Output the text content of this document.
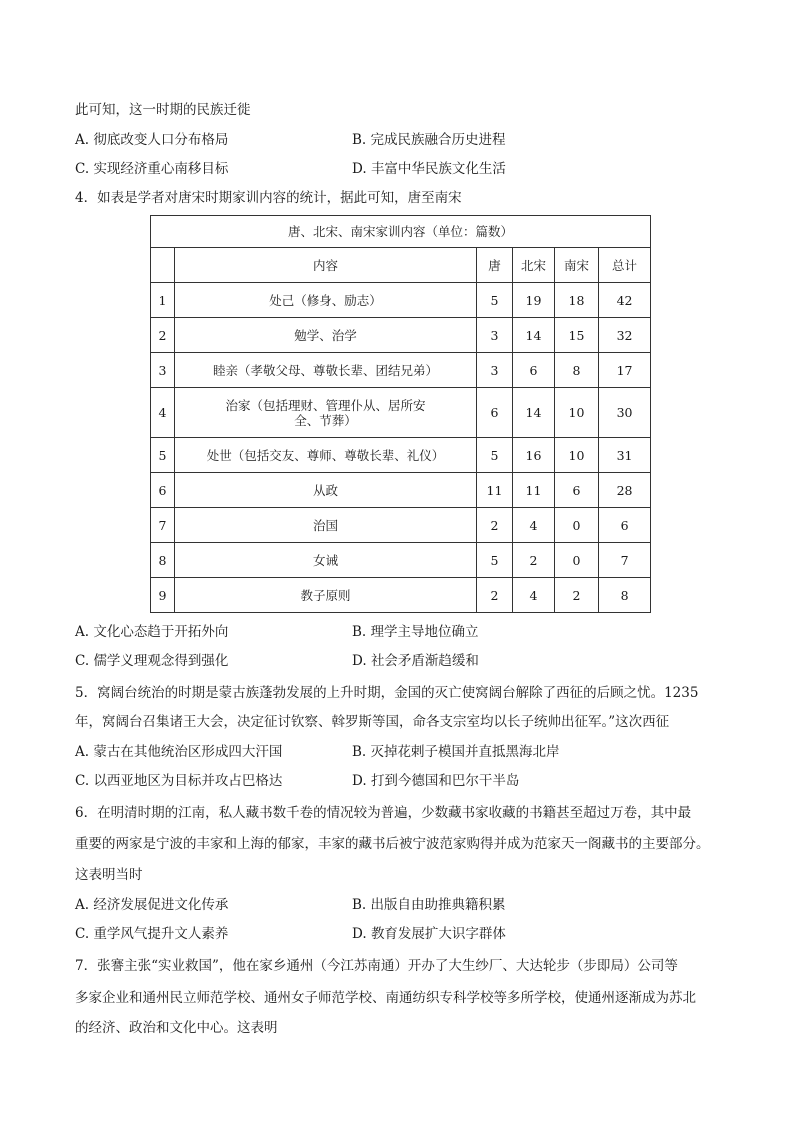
此可知，这一时期的民族迁徙
A. 彻底改变人口分布格局	B. 完成民族融合历史进程
C. 实现经济重心南移目标	D. 丰富中华民族文化生活
4．如表是学者对唐宋时期家训内容的统计，据此可知，唐至南宋
唐、北宋、南宋家训内容（单位：篇数）					
	内容	唐	北宋	南宋	总计
1	处己（修身、励志）	5	19	18	42
2	勉学、治学	3	14	15	32
3	睦亲（孝敬父母、尊敬长辈、团结兄弟）	3	6	8	17
4	治家（包括理财、管理仆从、居所安全、节葬）	6	14	10	30
5	处世（包括交友、尊师、尊敬长辈、礼仪）	5	16	10	31
6	从政	11	11	6	28
7	治国	2	4	0	6
8	女诫	5	2	0	7
9	教子原则	2	4	2	8
A. 文化心态趋于开拓外向	B. 理学主导地位确立
C. 儒学义理观念得到强化	D. 社会矛盾渐趋缓和
5．窝阔台统治的时期是蒙古族蓬勃发展的上升时期，金国的灭亡使窝阔台解除了西征的后顾之忧。1235
年，窝阔台召集诸王大会，决定征讨钦察、斡罗斯等国，命各支宗室均以长子统帅出征军。”这次西征
A. 蒙古在其他统治区形成四大汗国	B. 灭掉花剌子模国并直抵黑海北岸
C. 以西亚地区为目标并攻占巴格达	D. 打到今德国和巴尔干半岛
6．在明清时期的江南，私人藏书数千卷的情况较为普遍，少数藏书家收藏的书籍甚至超过万卷，其中最
重要的两家是宁波的丰家和上海的郁家，丰家的藏书后被宁波范家购得并成为范家天一阁藏书的主要部分。
这表明当时
A. 经济发展促进文化传承	B. 出版自由助推典籍积累
C. 重学风气提升文人素养	D. 教育发展扩大识字群体
7．张謇主张“实业救国”，他在家乡通州（今江苏南通）开办了大生纱厂、大达轮步（步即局）公司等
多家企业和通州民立师范学校、通州女子师范学校、南通纺织专科学校等多所学校，使通州逐渐成为苏北
的经济、政治和文化中心。这表明
